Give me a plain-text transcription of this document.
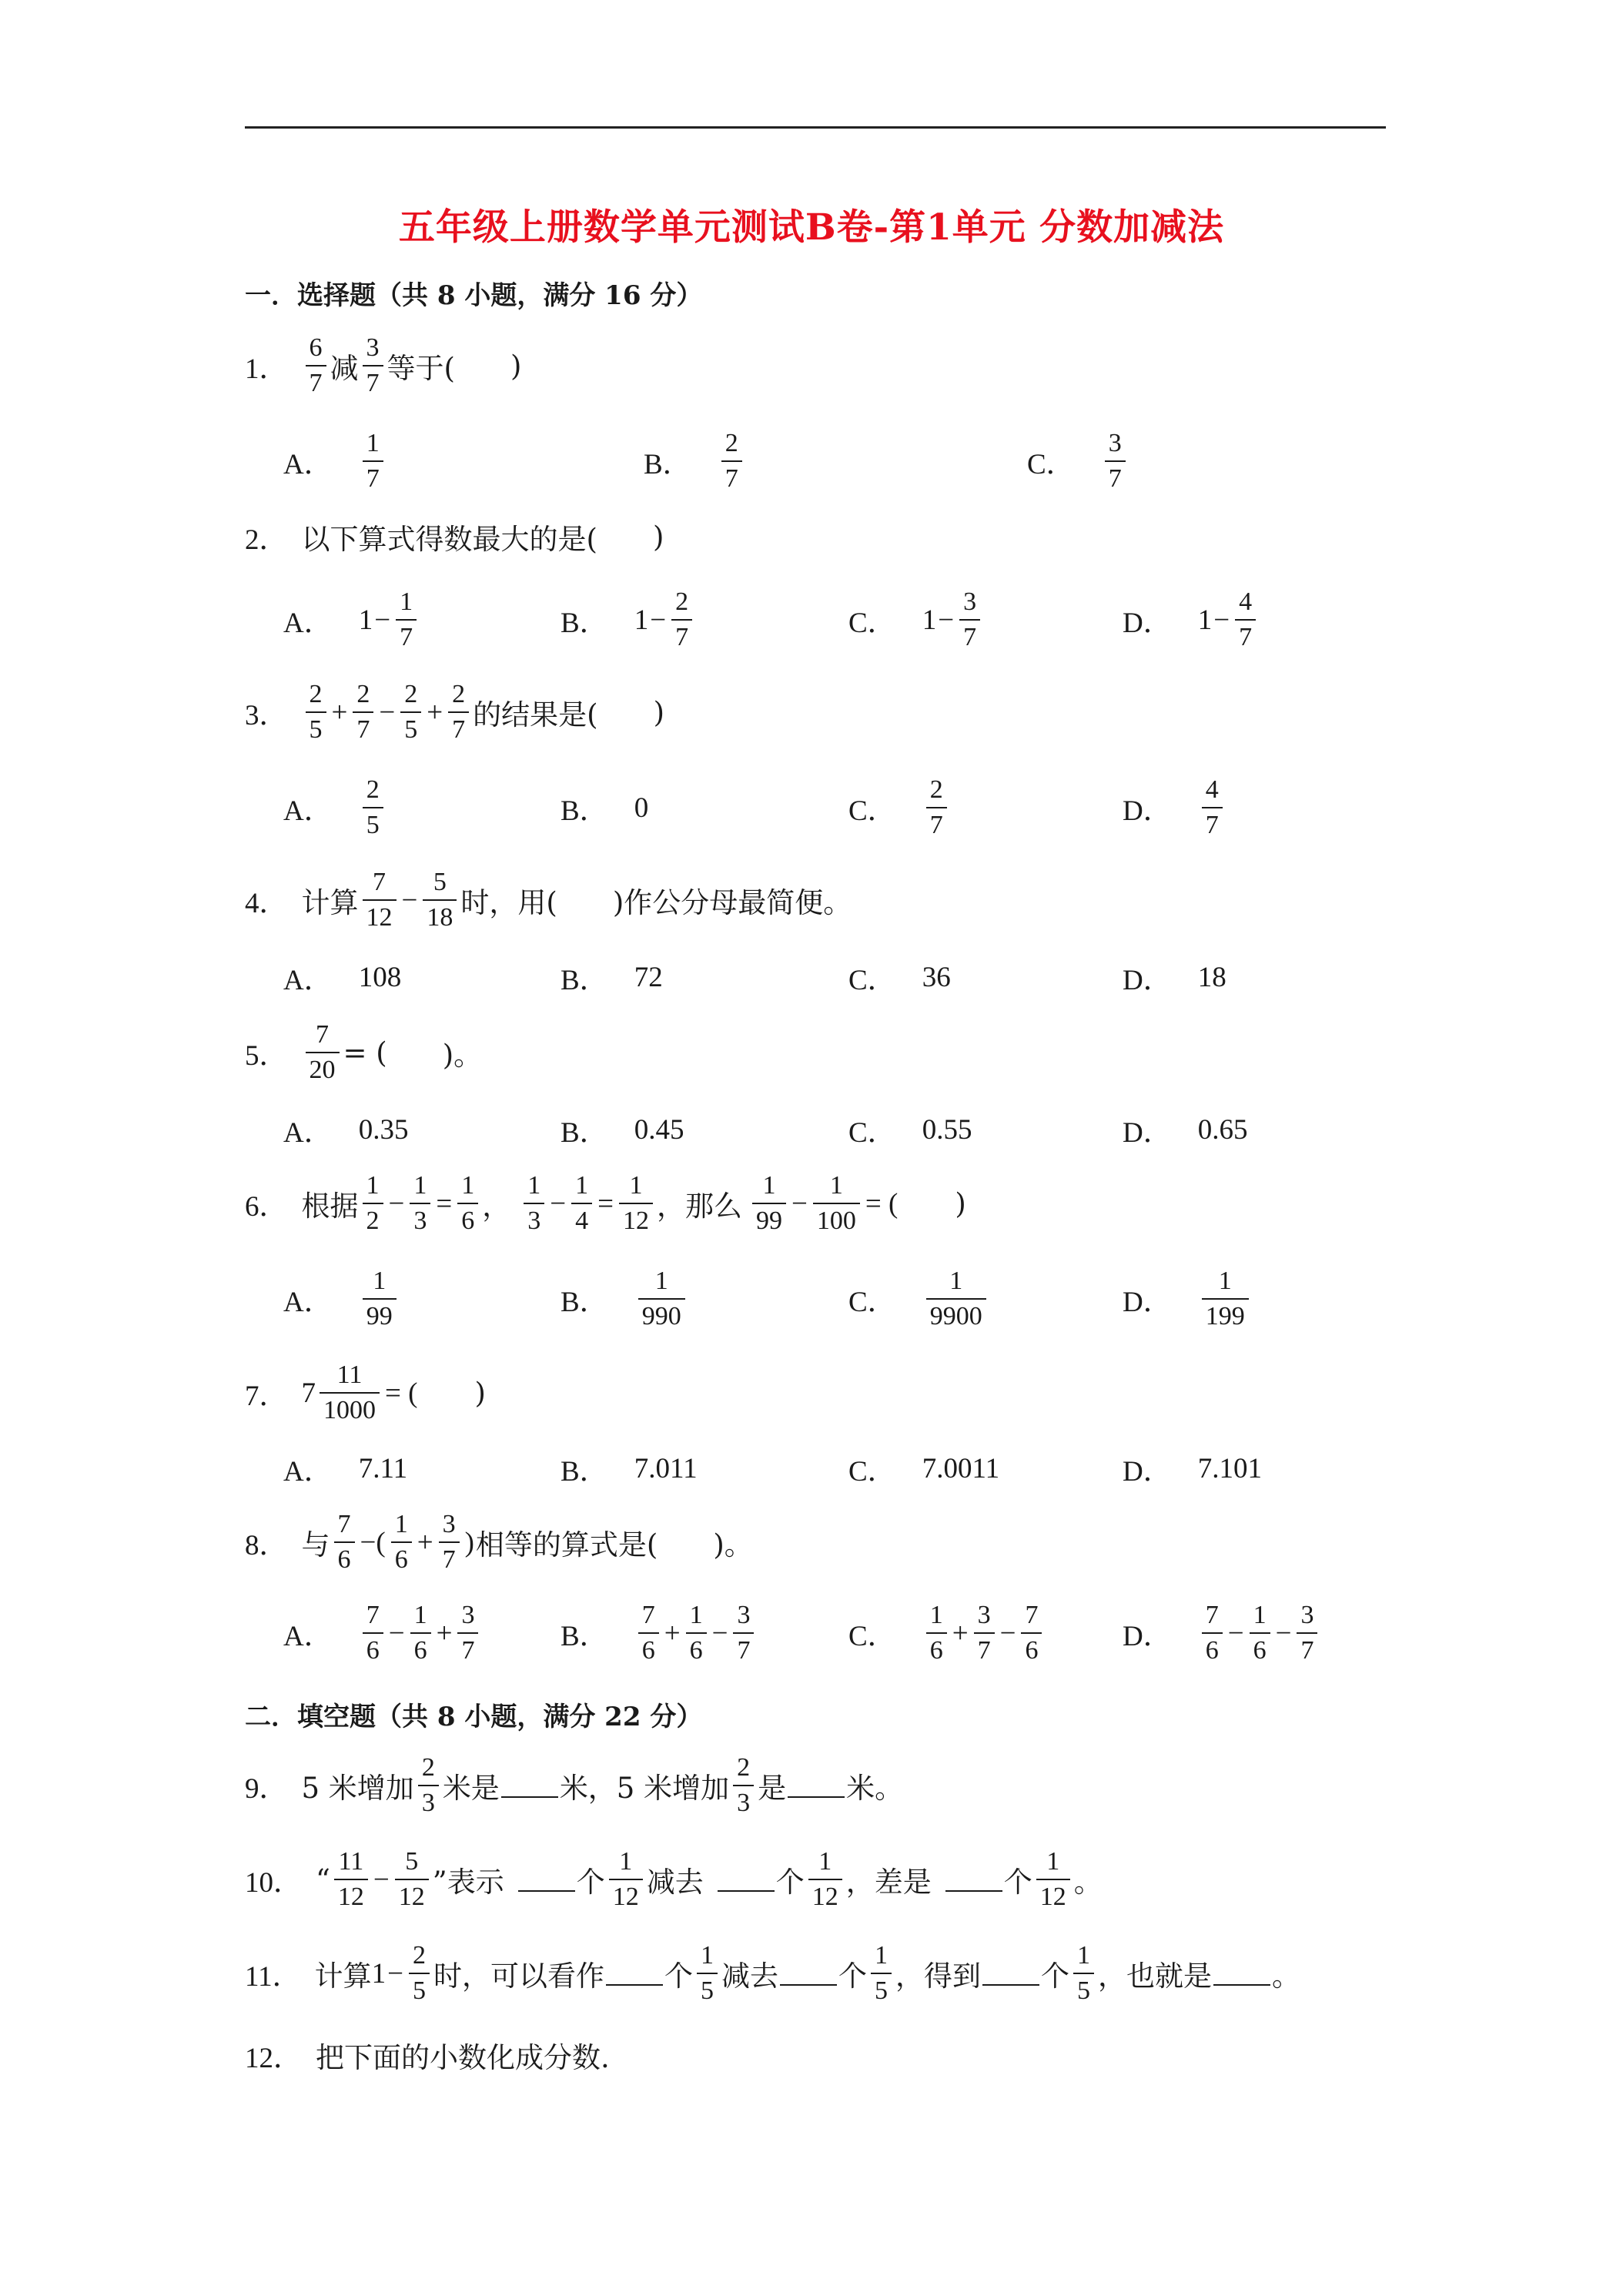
五年级上册数学单元测试B卷-第1单元 分数加减法
一．选择题（共 8 小题，满分 16 分）
1． $\frac{6}{7}$ 减 $\frac{3}{7}$ 等于( )
A． $\frac{1}{7}$	B． $\frac{2}{7}$	C． $\frac{3}{7}$
2． 以下算式得数最大的是( )
A． $1 - \frac{1}{7}$	B． $1 - \frac{2}{7}$	C． $1 - \frac{3}{7}$	D． $1 - \frac{4}{7}$
3． $\frac{2}{5} + \frac{2}{7} - \frac{2}{5} + \frac{2}{7}$ 的结果是( )
A． $\frac{2}{5}$	B． 0	C． $\frac{2}{7}$	D． $\frac{4}{7}$
4． 计算 $\frac{7}{12} - \frac{5}{18}$ 时，用( )作公分母最简便。
A． 108	B． 72	C． 36	D． 18
5． $\frac{7}{20}$ = ( )。
A． 0.35	B． 0.45	C． 0.55	D． 0.65
6． 根据 $\frac{1}{2} - \frac{1}{3} = \frac{1}{6}$ ， $\frac{1}{3} - \frac{1}{4} = \frac{1}{12}$ ，那么 $\frac{1}{99} - \frac{1}{100}$ = ( )
A． $\frac{1}{99}$	B． $\frac{1}{990}$	C． $\frac{1}{9900}$	D． $\frac{1}{199}$
7． $7 \frac{11}{1000}$ = ( )
A． 7.11	B． 7.011	C． 7.0011	D． 7.101
8． 与 $\frac{7}{6}$ −( $\frac{1}{6} + \frac{3}{7}$ ) 相等的算式是( )。
A． $\frac{7}{6} - \frac{1}{6} + \frac{3}{7}$	B． $\frac{7}{6} + \frac{1}{6} - \frac{3}{7}$	C． $\frac{1}{6} + \frac{3}{7} - \frac{7}{6}$	D． $\frac{7}{6} - \frac{1}{6} - \frac{3}{7}$
二．填空题（共 8 小题，满分 22 分）
9． 5 米增加 $\frac{2}{3}$ 米是 米，5 米增加 $\frac{2}{3}$ 是 米。
10． “ $\frac{11}{12} - \frac{5}{12}$ ”表示	个 $\frac{1}{12}$ 减去	个 $\frac{1}{12}$ ，差是	个 $\frac{1}{12}$ 。
11． 计算 $1 - \frac{2}{5}$ 时，可以看作 个 $\frac{1}{5}$ 减去 个 $\frac{1}{5}$ ，得到 个 $\frac{1}{5}$ ，也就是 。
12． 把下面的小数化成分数.
